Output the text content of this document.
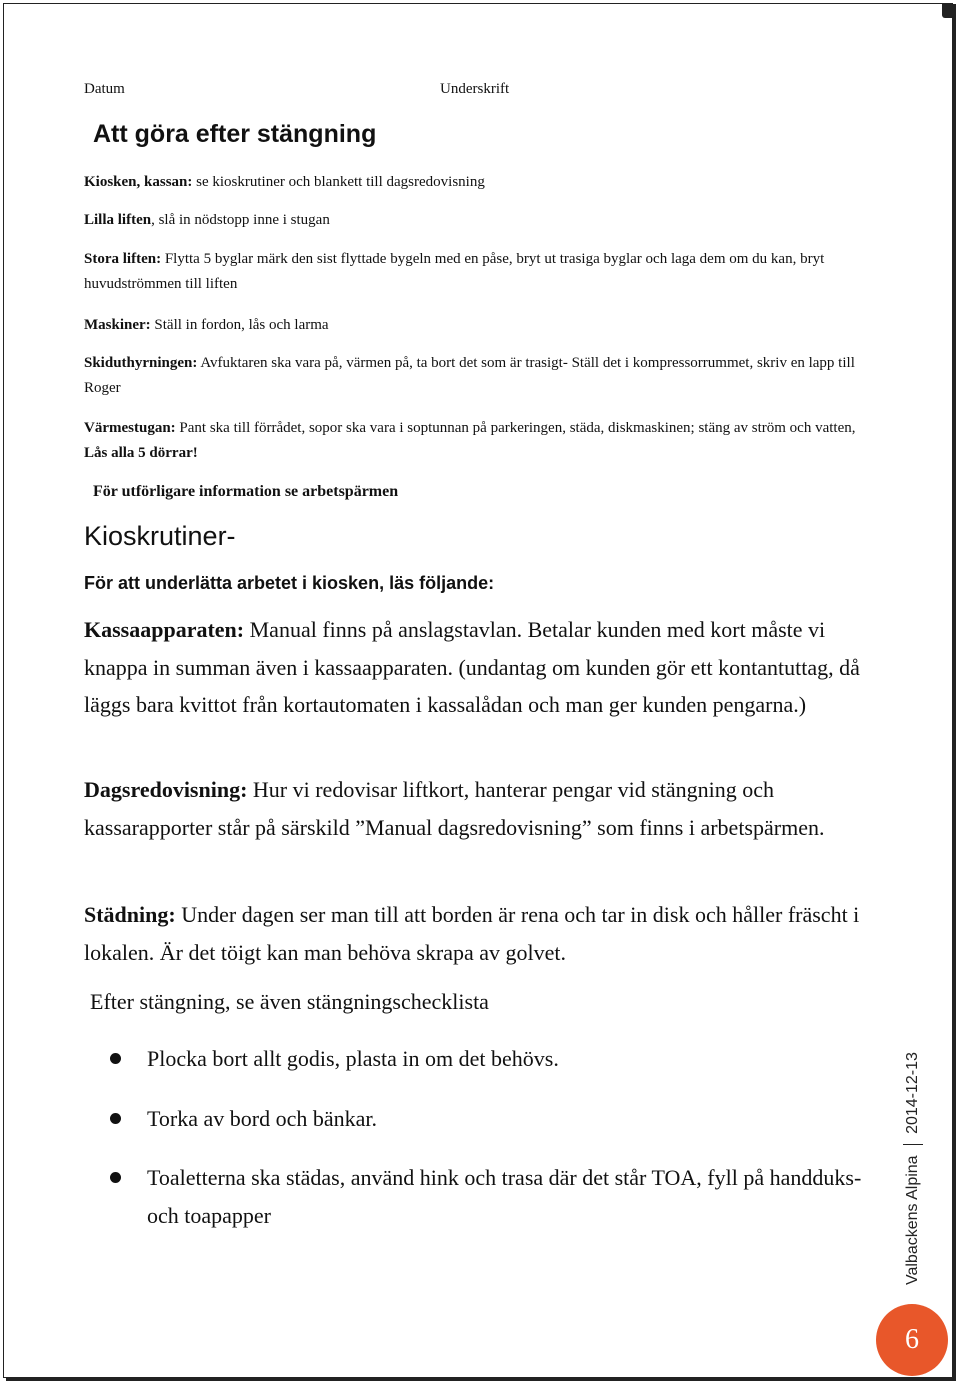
Datum	Underskrift
Att göra efter stängning
Kiosken, kassan: se kioskrutiner och blankett till dagsredovisning
Lilla liften, slå in nödstopp inne i stugan
Stora liften: Flytta 5 byglar märk den sist flyttade bygeln med en påse, bryt ut trasiga byglar och laga dem om du kan, bryt huvudströmmen till liften
Maskiner: Ställ in fordon, lås och larma
Skiduthyrningen: Avfuktaren ska vara på, värmen på, ta bort det som är trasigt- Ställ det i kompressorrummet, skriv en lapp till Roger
Värmestugan: Pant ska till förrådet, sopor ska vara i soptunnan på parkeringen, städa, diskmaskinen; stäng av ström och vatten, Lås alla 5 dörrar!
För utförligare information se arbetspärmen
Kioskrutiner-
För att underlätta arbetet i kiosken, läs följande:
Kassaapparaten: Manual finns på anslagstavlan. Betalar kunden med kort måste vi knappa in summan även i kassaapparaten. (undantag om kunden gör ett kontantuttag, då läggs bara kvittot från kortautomaten i kassalådan och man ger kunden pengarna.)
Dagsredovisning: Hur vi redovisar liftkort, hanterar pengar vid stängning och kassarapporter står på särskild ”Manual dagsredovisning” som finns i arbetspärmen.
Städning: Under dagen ser man till att borden är rena och tar in disk och håller fräscht i lokalen. Är det töigt kan man behöva skrapa av golvet.
Efter stängning, se även stängningschecklista
Plocka bort allt godis, plasta in om det behövs.
Torka av bord och bänkar.
Toaletterna ska städas, använd hink och trasa där det står TOA, fyll på handduks- och toapapper	Valbackens Alpina2014-12-13
6
